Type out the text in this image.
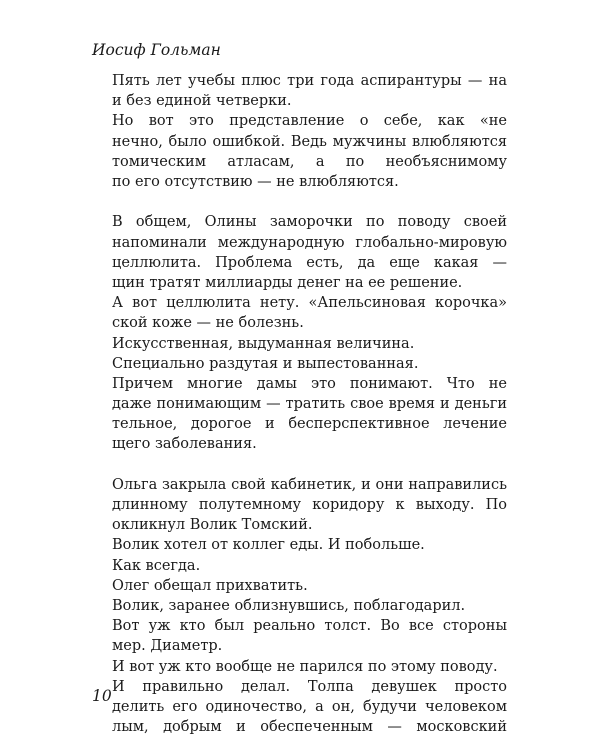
Иосиф Гольман

Пять лет учебы плюс три года аспирантуры — на
и без единой четверки.

Но вот это представление о себе, как «не
нечно, было ошибкой. Ведь мужчины влюбляются
томическим атласам, а по необъяснимому
по его отсутствию — не влюбляются.

В общем, Олины заморочки по поводу своей
напоминали международную глобально-мировую
целлюлита. Проблема есть, да еще какая —
щин тратят миллиарды денег на ее решение.

А вот целлюлита нету. «Апельсиновая корочка»
ской коже — не болезнь.

Искусственная, выдуманная величина.

Специально раздутая и выпестованная.

Причем многие дамы это понимают. Что не
даже понимающим — тратить свое время и деньги
тельное, дорогое и бесперспективное лечение
щего заболевания.

Ольга закрыла свой кабинетик, и они направились
длинному полутемному коридору к выходу. По
окликнул Волик Томский.

Волик хотел от коллег еды. И побольше.

Как всегда.

Олег обещал прихватить.

Волик, заранее облизнувшись, поблагодарил.

Вот уж кто был реально толст. Во все стороны
мер. Диаметр.

И вот уж кто вообще не парился по этому поводу.

И правильно делал. Толпа девушек просто
делить его одиночество, а он, будучи человеком
лым, добрым и обеспеченным — московский

10
